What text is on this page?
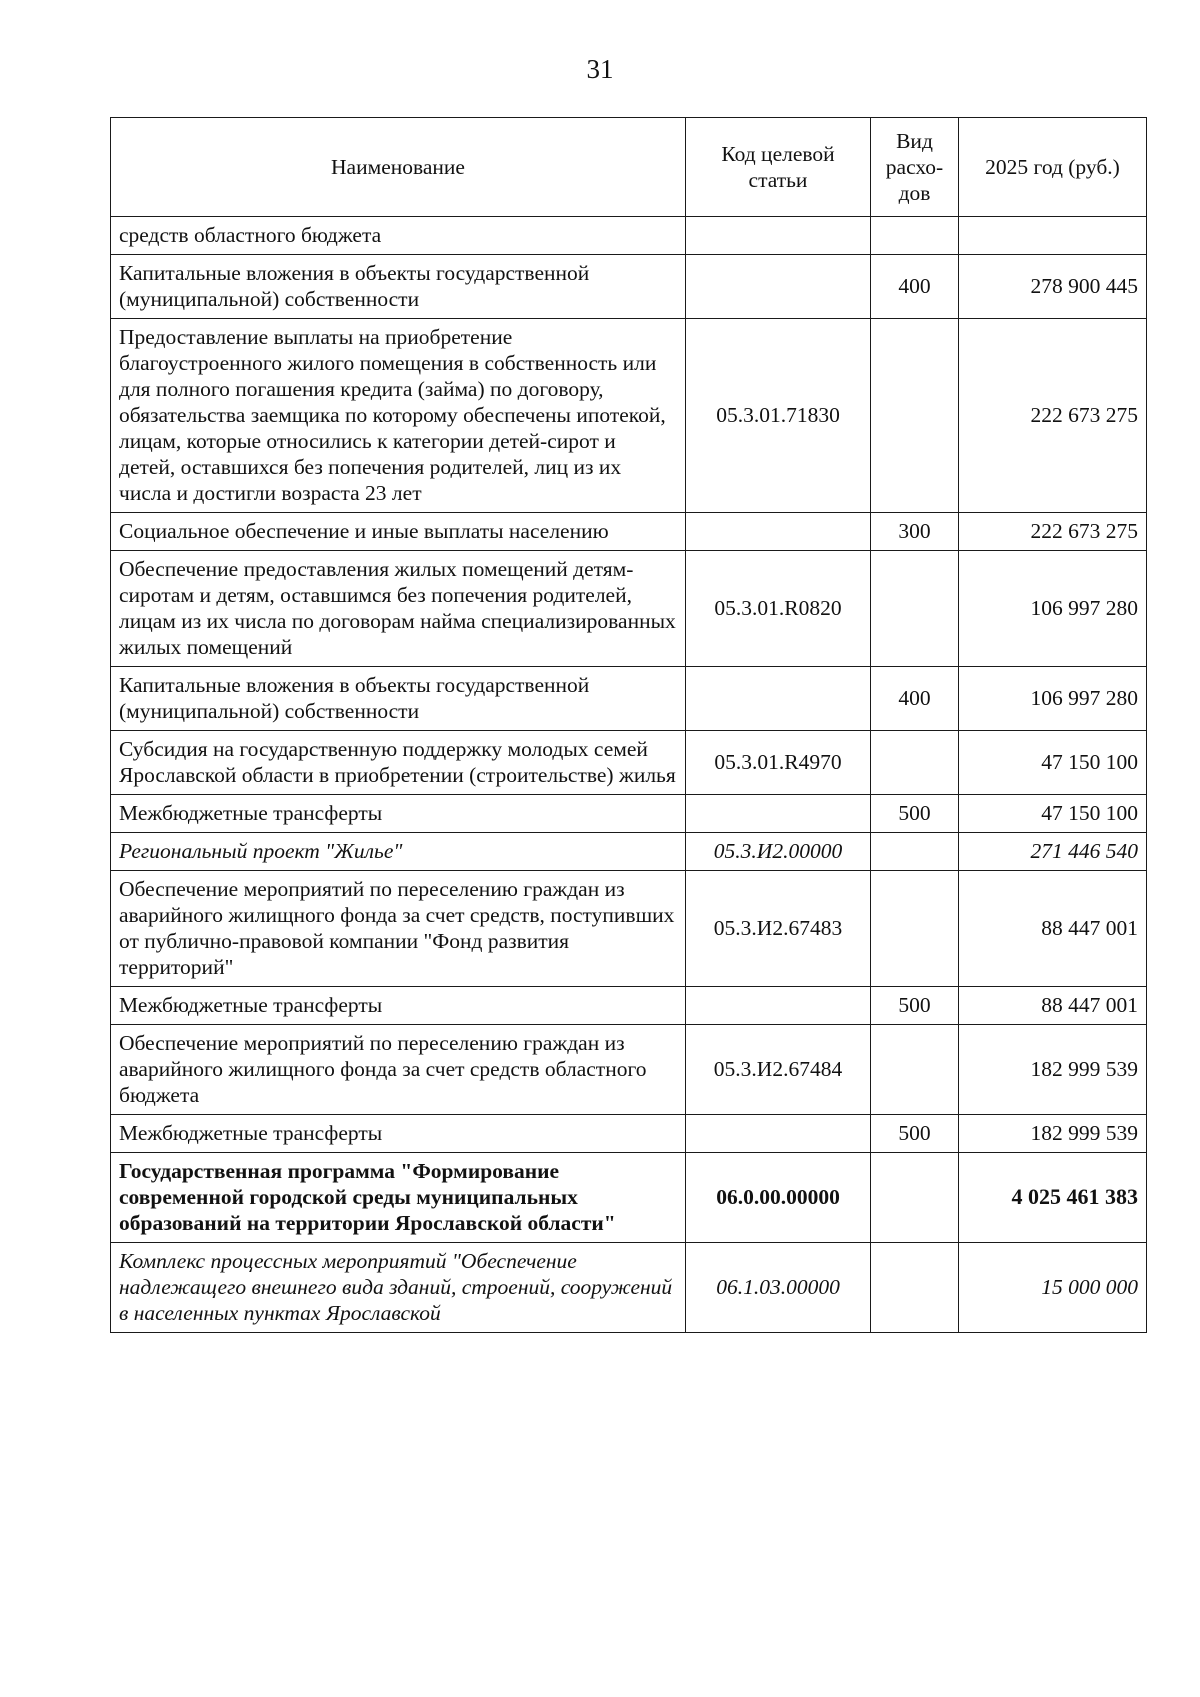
31
Наименование	Код целевой статьи	Вид расхо-дов	2025 год (руб.)
средств областного бюджета			
Капитальные вложения в объекты государственной (муниципальной) собственности		400	278 900 445
Предоставление выплаты на приобретение благоустроенного жилого помещения в собственность или для полного погашения кредита (займа) по договору, обязательства заемщика по которому обеспечены ипотекой, лицам, которые относились к категории детей-сирот и детей, оставшихся без попечения родителей, лиц из их числа и достигли возраста 23 лет	05.3.01.71830		222 673 275
Социальное обеспечение и иные выплаты населению		300	222 673 275
Обеспечение предоставления жилых помещений детям-сиротам и детям, оставшимся без попечения родителей, лицам из их числа по договорам найма специализированных жилых помещений	05.3.01.R0820		106 997 280
Капитальные вложения в объекты государственной (муниципальной) собственности		400	106 997 280
Субсидия на государственную поддержку молодых семей Ярославской области в приобретении (строительстве) жилья	05.3.01.R4970		47 150 100
Межбюджетные трансферты		500	47 150 100
Региональный проект "Жилье"	05.3.И2.00000		271 446 540
Обеспечение мероприятий по переселению граждан из аварийного жилищного фонда за счет средств, поступивших от публично-правовой компании "Фонд развития территорий"	05.3.И2.67483		88 447 001
Межбюджетные трансферты		500	88 447 001
Обеспечение мероприятий по переселению граждан из аварийного жилищного фонда за счет средств областного бюджета	05.3.И2.67484		182 999 539
Межбюджетные трансферты		500	182 999 539
Государственная программа "Формирование современной городской среды муниципальных образований на территории Ярославской области"	06.0.00.00000		4 025 461 383
Комплекс процессных мероприятий "Обеспечение надлежащего внешнего вида зданий, строений, сооружений в населенных пунктах Ярославской	06.1.03.00000		15 000 000
